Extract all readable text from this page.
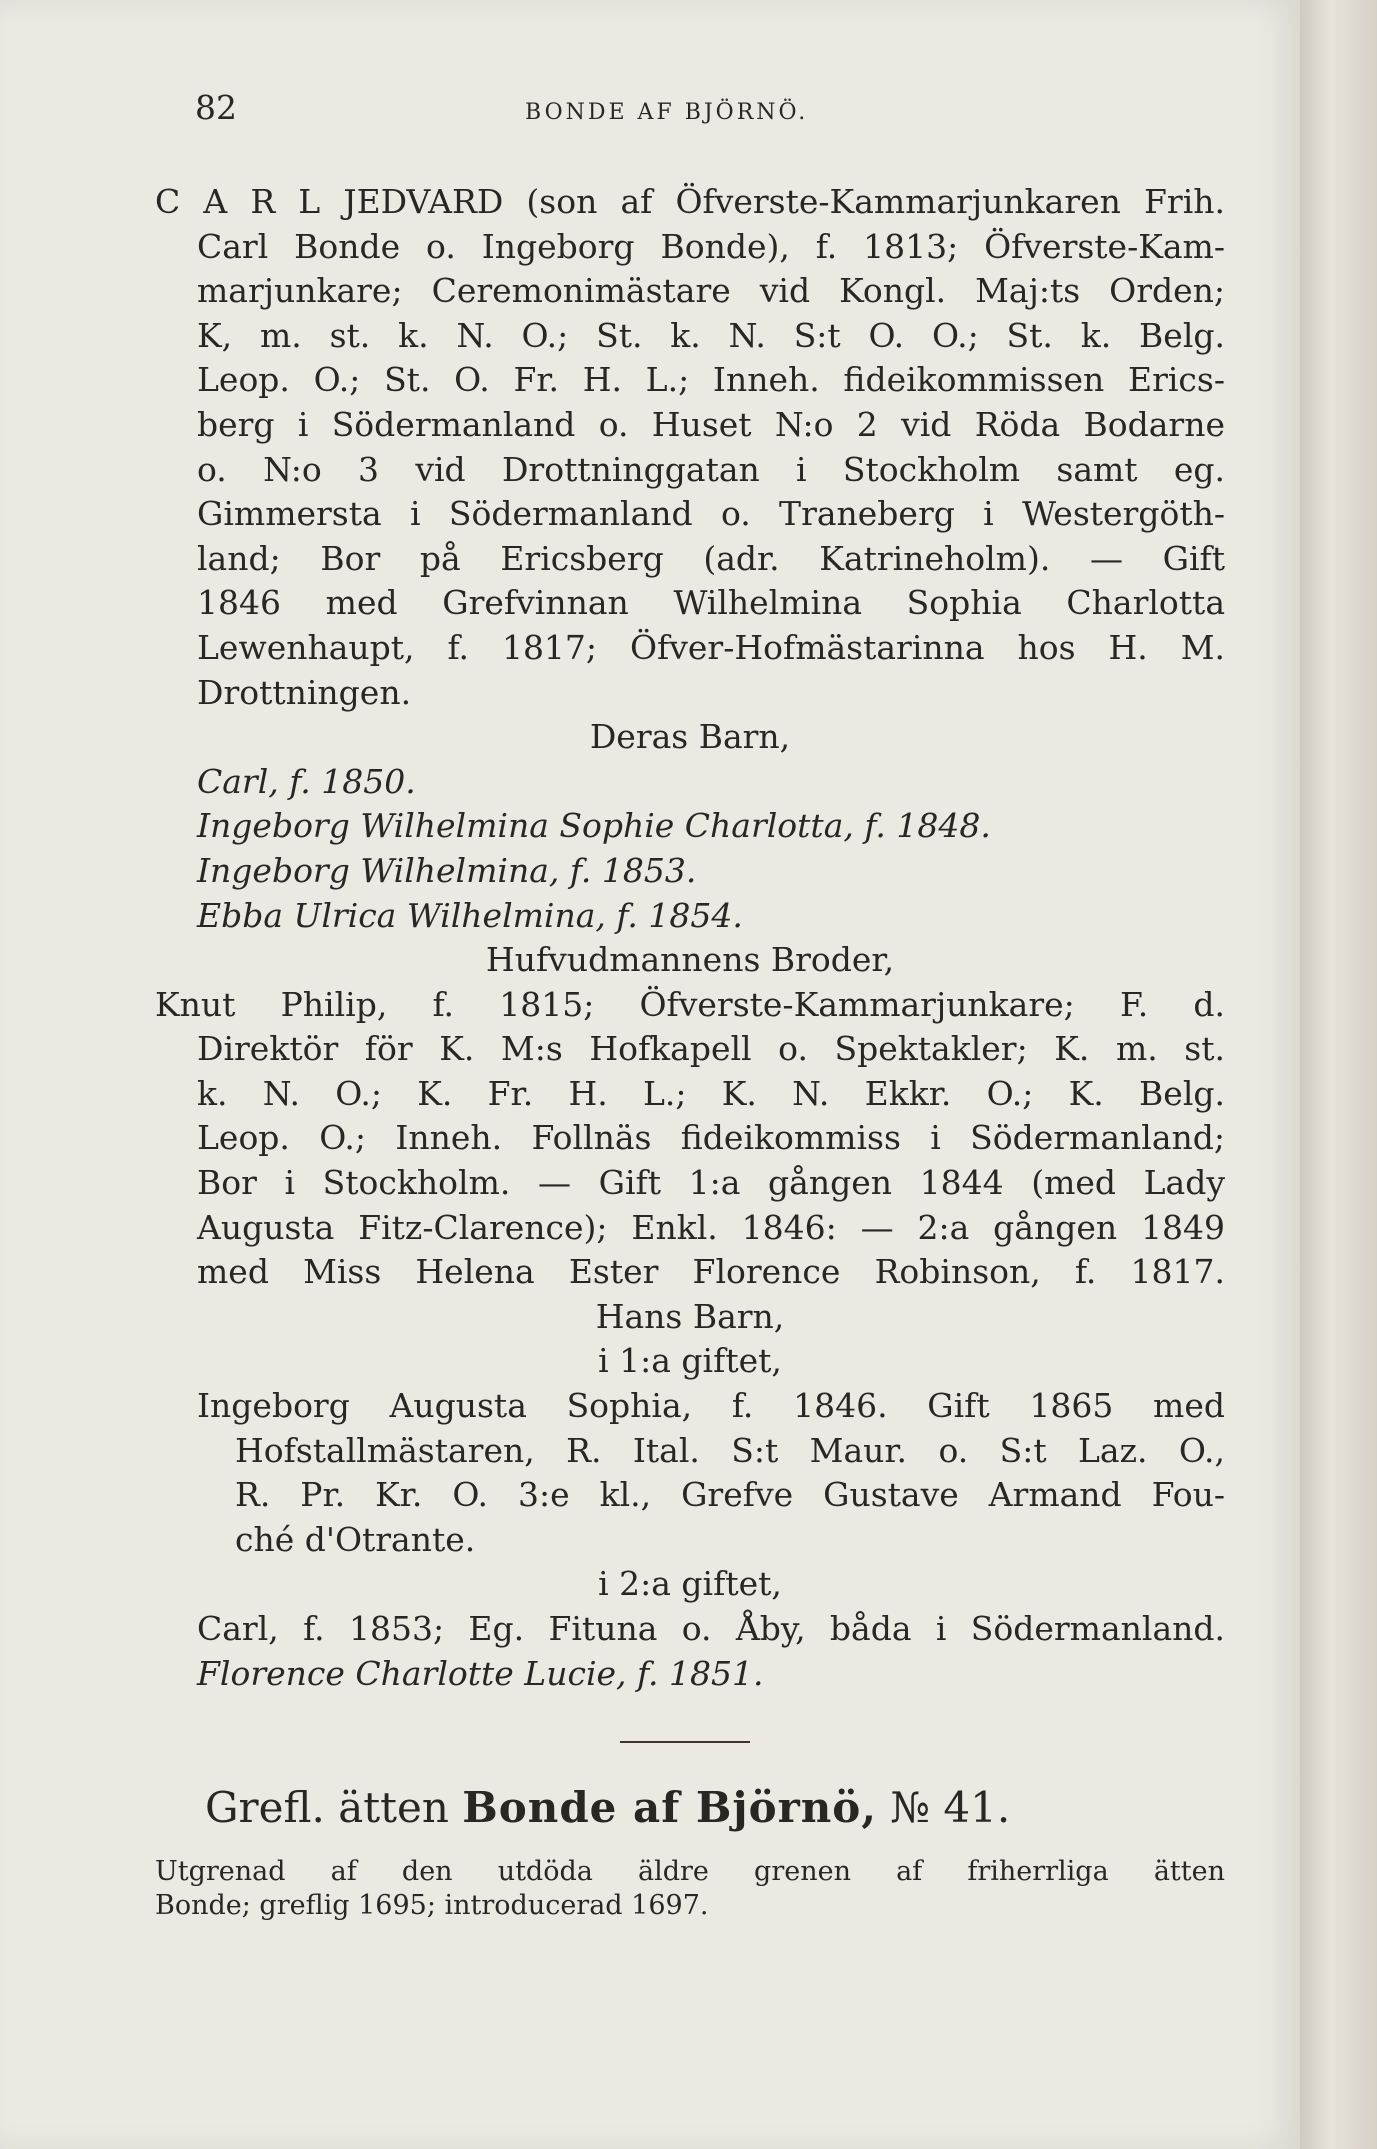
82	BONDE AF BJÖRNÖ.
C A R L JEDVARD (son af Öfverste-Kammarjunkaren Frih.
Carl Bonde o. Ingeborg Bonde), f. 1813; Öfverste-Kam-
marjunkare; Ceremonimästare vid Kongl. Maj:ts Orden;
K, m. st. k. N. O.; St. k. N. S:t O. O.; St. k. Belg.
Leop. O.; St. O. Fr. H. L.; Inneh. fideikommissen Erics-
berg i Södermanland o. Huset N:o 2 vid Röda Bodarne
o. N:o 3 vid Drottninggatan i Stockholm samt eg.
Gimmersta i Södermanland o. Traneberg i Westergöth-
land; Bor på Ericsberg (adr. Katrineholm). — Gift
1846 med Grefvinnan Wilhelmina Sophia Charlotta
Lewenhaupt, f. 1817; Öfver-Hofmästarinna hos H. M.
Drottningen.
Deras Barn,
Carl, f. 1850.
Ingeborg Wilhelmina Sophie Charlotta, f. 1848.
Ingeborg Wilhelmina, f. 1853.
Ebba Ulrica Wilhelmina, f. 1854.
Hufvudmannens Broder,
Knut Philip, f. 1815; Öfverste-Kammarjunkare; F. d.
Direktör för K. M:s Hofkapell o. Spektakler; K. m. st.
k. N. O.; K. Fr. H. L.; K. N. Ekkr. O.; K. Belg.
Leop. O.; Inneh. Follnäs fideikommiss i Södermanland;
Bor i Stockholm. — Gift 1:a gången 1844 (med Lady
Augusta Fitz-Clarence); Enkl. 1846: — 2:a gången 1849
med Miss Helena Ester Florence Robinson, f. 1817.
Hans Barn,
i 1:a giftet,
Ingeborg Augusta Sophia, f. 1846. Gift 1865 med
Hofstallmästaren, R. Ital. S:t Maur. o. S:t Laz. O.,
R. Pr. Kr. O. 3:e kl., Grefve Gustave Armand Fou-
ché d'Otrante.
i 2:a giftet,
Carl, f. 1853; Eg. Fituna o. Åby, båda i Södermanland.
Florence Charlotte Lucie, f. 1851.
Grefl. ätten Bonde af Björnö, № 41.
Utgrenad af den utdöda äldre grenen af friherrliga ätten
Bonde; greflig 1695; introducerad 1697.
